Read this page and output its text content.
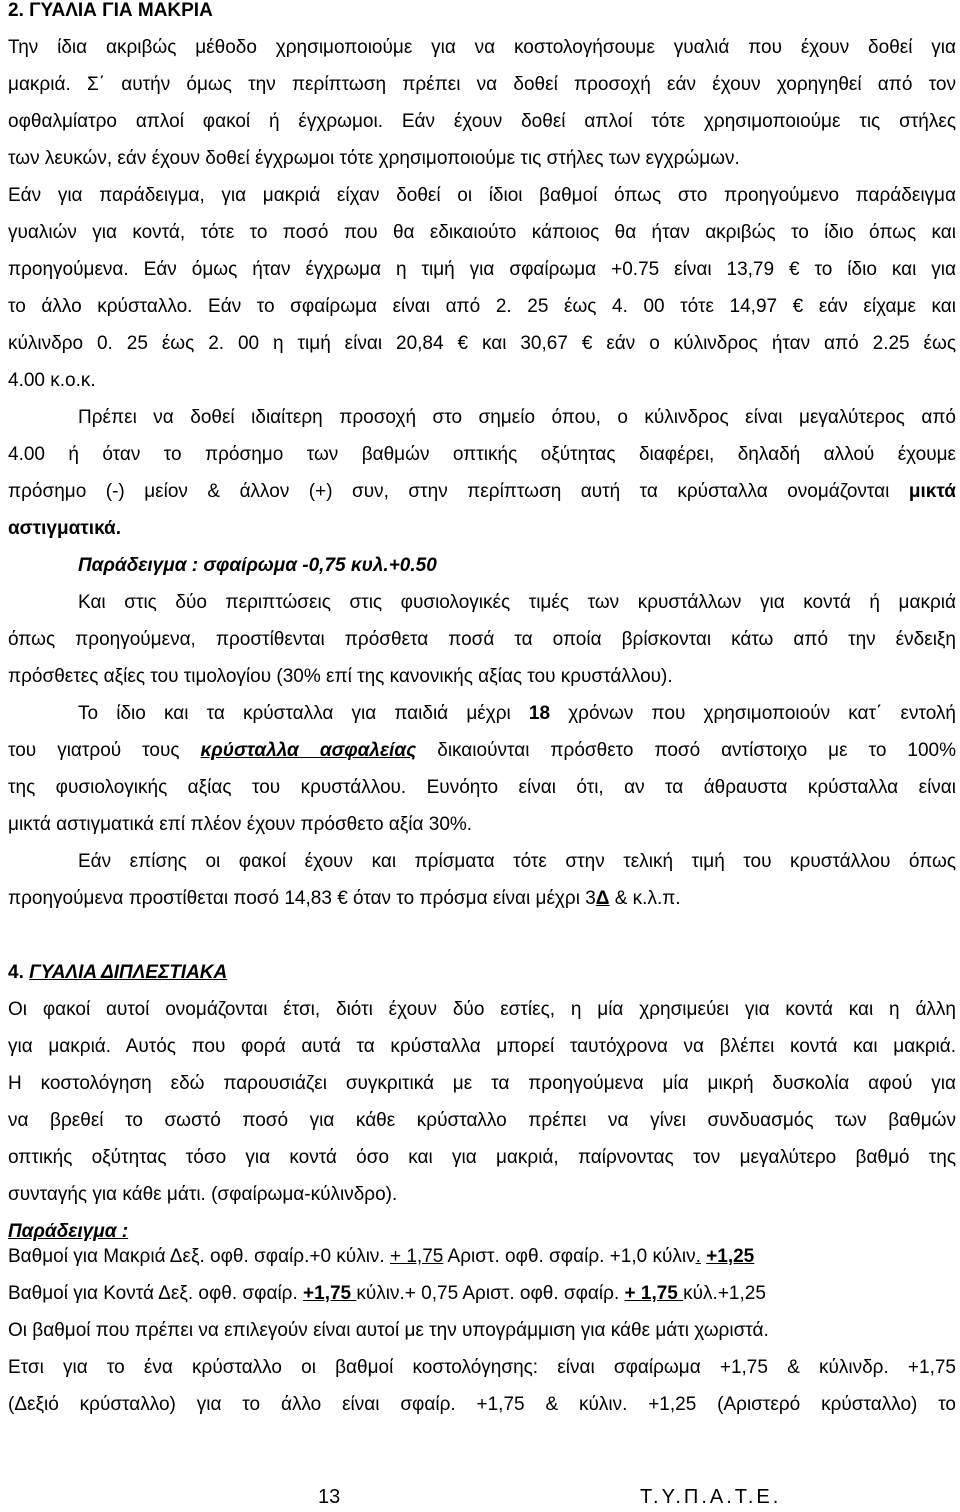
2. ΓΥΑΛΙΑ ΓΙΑ ΜΑΚΡΙΑ
Την ίδια ακριβώς μέθοδο χρησιμοποιούμε για να κοστολογήσουμε γυαλιά που έχουν δοθεί για
μακριά. Σ΄ αυτήν όμως την περίπτωση πρέπει να δοθεί προσοχή εάν έχουν χορηγηθεί από τον
οφθαλμίατρο απλοί φακοί ή έγχρωμοι. Εάν έχουν δοθεί απλοί τότε χρησιμοποιούμε τις στήλες
των λευκών, εάν έχουν δοθεί έγχρωμοι τότε χρησιμοποιούμε τις στήλες των εγχρώμων.
Εάν για παράδειγμα, για μακριά είχαν δοθεί οι ίδιοι βαθμοί όπως στο προηγούμενο παράδειγμα
γυαλιών για κοντά, τότε το ποσό που θα εδικαιούτο κάποιος θα ήταν ακριβώς το ίδιο όπως και
προηγούμενα. Εάν όμως ήταν έγχρωμα η τιμή για σφαίρωμα +0.75 είναι 13,79 € το ίδιο και για
το άλλο κρύσταλλο. Εάν το σφαίρωμα είναι από 2. 25 έως 4. 00 τότε 14,97 € εάν είχαμε και
κύλινδρο 0. 25 έως 2. 00 η τιμή είναι 20,84 € και 30,67 € εάν ο κύλινδρος ήταν από 2.25 έως
4.00 κ.ο.κ.
Πρέπει να δοθεί ιδιαίτερη προσοχή στο σημείο όπου, ο κύλινδρος είναι μεγαλύτερος από
4.00 ή όταν το πρόσημο των βαθμών οπτικής οξύτητας διαφέρει, δηλαδή αλλού έχουμε
πρόσημο (-) μείον & άλλον (+) συν, στην περίπτωση αυτή τα κρύσταλλα ονομάζονται μικτά
αστιγματικά.
Παράδειγμα : σφαίρωμα -0,75 κυλ.+0.50
Και στις δύο περιπτώσεις στις φυσιολογικές τιμές των κρυστάλλων για κοντά ή μακριά
όπως προηγούμενα, προστίθενται πρόσθετα ποσά τα οποία βρίσκονται κάτω από την ένδειξη
πρόσθετες αξίες του τιμολογίου (30% επί της κανονικής αξίας του κρυστάλλου).
Το ίδιο και τα κρύσταλλα για παιδιά μέχρι 18 χρόνων που χρησιμοποιούν κατ΄ εντολή
του γιατρού τους κρύσταλλα ασφαλείας δικαιούνται πρόσθετο ποσό αντίστοιχο με το 100%
της φυσιολογικής αξίας του κρυστάλλου. Ευνόητο είναι ότι, αν τα άθραυστα κρύσταλλα είναι
μικτά αστιγματικά επί πλέον έχουν πρόσθετο αξία 30%.
Εάν επίσης οι φακοί έχουν και πρίσματα τότε στην τελική τιμή του κρυστάλλου όπως
προηγούμενα προστίθεται ποσό 14,83 € όταν το πρόσμα είναι μέχρι 3Δ & κ.λ.π.
4. ΓΥΑΛΙΑ ΔΙΠΛΕΣΤΙΑΚΑ
Οι φακοί αυτοί ονομάζονται έτσι, διότι έχουν δύο εστίες, η μία χρησιμεύει για κοντά και η άλλη
για μακριά. Αυτός που φορά αυτά τα κρύσταλλα μπορεί ταυτόχρονα να βλέπει κοντά και μακριά.
Η κοστολόγηση εδώ παρουσιάζει συγκριτικά με τα προηγούμενα μία μικρή δυσκολία αφού για
να βρεθεί το σωστό ποσό για κάθε κρύσταλλο πρέπει να γίνει συνδυασμός των βαθμών
οπτικής οξύτητας τόσο για κοντά όσο και για μακριά, παίρνοντας τον μεγαλύτερο βαθμό της
συνταγής για κάθε μάτι. (σφαίρωμα-κύλινδρο).
Παράδειγμα :
Βαθμοί για Μακριά Δεξ. οφθ. σφαίρ.+0 κύλιν. + 1,75 Αριστ. οφθ. σφαίρ. +1,0 κύλιν. +1,25
Βαθμοί για Κοντά Δεξ. οφθ. σφαίρ. +1,75 κύλιν.+ 0,75 Αριστ. οφθ. σφαίρ. + 1,75 κύλ.+1,25
Οι βαθμοί που πρέπει να επιλεγούν είναι αυτοί με την υπογράμμιση για κάθε μάτι χωριστά.
Ετσι για το ένα κρύσταλλο οι βαθμοί κοστολόγησης: είναι σφαίρωμα +1,75 & κύλινδρ. +1,75
(Δεξιό κρύσταλλο) για το άλλο είναι σφαίρ. +1,75 & κύλιν. +1,25 (Αριστερό κρύσταλλο) το
13	Τ.Υ.Π.Α.Τ.Ε.
